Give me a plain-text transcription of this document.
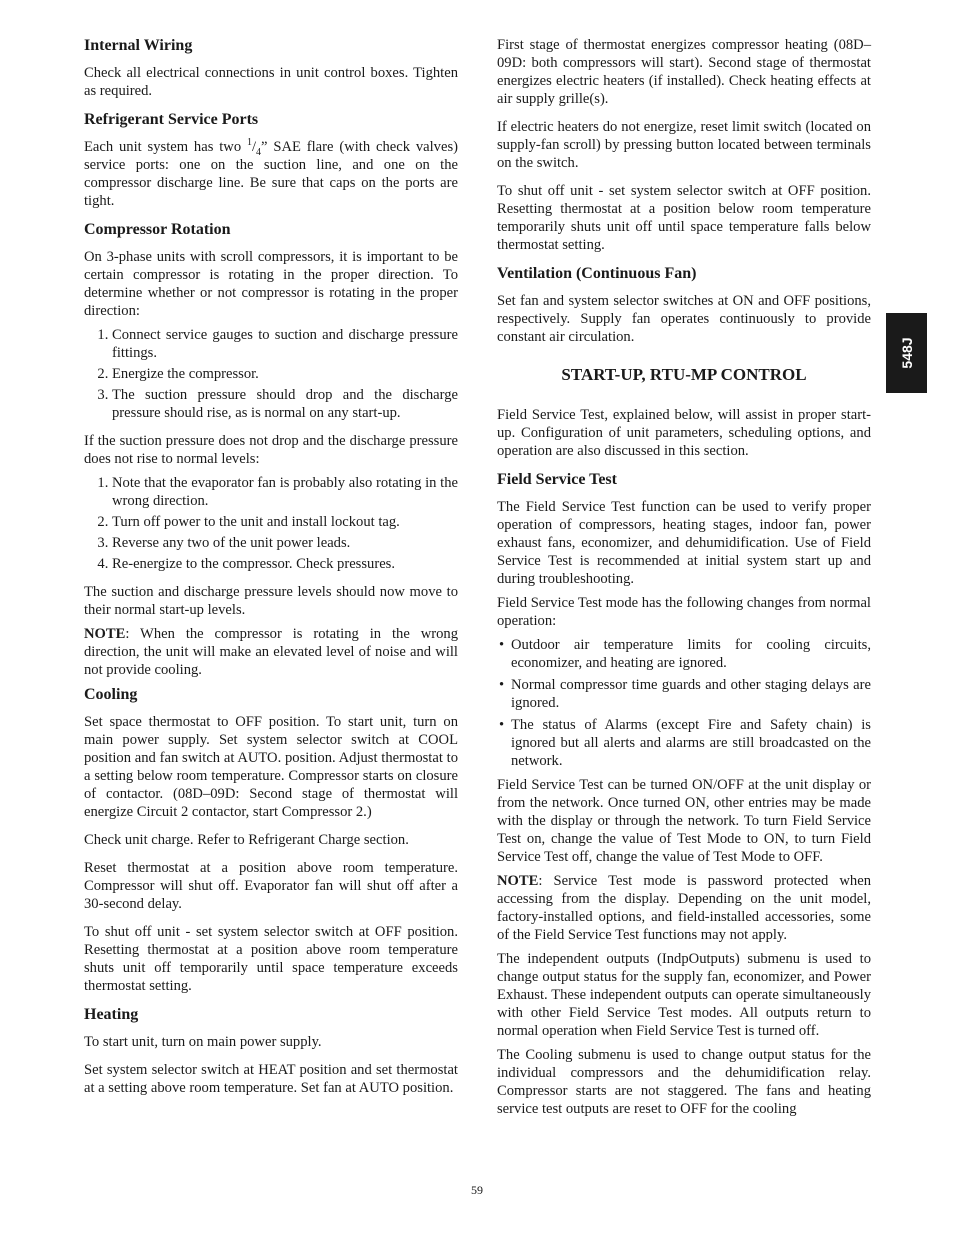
Internal Wiring

Check all electrical connections in unit control boxes. Tighten as required.

Refrigerant Service Ports

Each unit system has two $^1/_4$” SAE flare (with check valves) service ports: one on the suction line, and one on the compressor discharge line. Be sure that caps on the ports are tight.

Compressor Rotation

On 3-phase units with scroll compressors, it is important to be certain compressor is rotating in the proper direction. To determine whether or not compressor is rotating in the proper direction:

1. Connect service gauges to suction and discharge pressure fittings.
2. Energize the compressor.
3. The suction pressure should drop and the discharge pressure should rise, as is normal on any start-up.

If the suction pressure does not drop and the discharge pressure does not rise to normal levels:

1. Note that the evaporator fan is probably also rotating in the wrong direction.
2. Turn off power to the unit and install lockout tag.
3. Reverse any two of the unit power leads.
4. Re-energize to the compressor. Check pressures.

The suction and discharge pressure levels should now move to their normal start-up levels.

NOTE: When the compressor is rotating in the wrong direction, the unit will make an elevated level of noise and will not provide cooling.

Cooling

Set space thermostat to OFF position. To start unit, turn on main power supply. Set system selector switch at COOL position and fan switch at AUTO. position. Adjust thermostat to a setting below room temperature. Compressor starts on closure of contactor. (08D–09D: Second stage of thermostat will energize Circuit 2 contactor, start Compressor 2.)

Check unit charge. Refer to Refrigerant Charge section.

Reset thermostat at a position above room temperature. Compressor will shut off. Evaporator fan will shut off after a 30-second delay.

To shut off unit - set system selector switch at OFF position. Resetting thermostat at a position above room temperature shuts unit off temporarily until space temperature exceeds thermostat setting.

Heating

To start unit, turn on main power supply.

Set system selector switch at HEAT position and set thermostat at a setting above room temperature. Set fan at AUTO position.

First stage of thermostat energizes compressor heating (08D–09D: both compressors will start). Second stage of thermostat energizes electric heaters (if installed). Check heating effects at air supply grille(s).

If electric heaters do not energize, reset limit switch (located on supply-fan scroll) by pressing button located between terminals on the switch.

To shut off unit - set system selector switch at OFF position. Resetting thermostat at a position below room temperature temporarily shuts unit off until space temperature falls below thermostat setting.

Ventilation (Continuous Fan)

Set fan and system selector switches at ON and OFF positions, respectively. Supply fan operates continuously to provide constant air circulation.

START-UP, RTU-MP CONTROL

Field Service Test, explained below, will assist in proper start-up. Configuration of unit parameters, scheduling options, and operation are also discussed in this section.

Field Service Test

The Field Service Test function can be used to verify proper operation of compressors, heating stages, indoor fan, power exhaust fans, economizer, and dehumidification. Use of Field Service Test is recommended at initial system start up and during troubleshooting.

Field Service Test mode has the following changes from normal operation:

• Outdoor air temperature limits for cooling circuits, economizer, and heating are ignored.
• Normal compressor time guards and other staging delays are ignored.
• The status of Alarms (except Fire and Safety chain) is ignored but all alerts and alarms are still broadcasted on the network.

Field Service Test can be turned ON/OFF at the unit display or from the network. Once turned ON, other entries may be made with the display or through the network. To turn Field Service Test on, change the value of Test Mode to ON, to turn Field Service Test off, change the value of Test Mode to OFF.

NOTE: Service Test mode is password protected when accessing from the display. Depending on the unit model, factory-installed options, and field-installed accessories, some of the Field Service Test functions may not apply.

The independent outputs (IndpOutputs) submenu is used to change output status for the supply fan, economizer, and Power Exhaust. These independent outputs can operate simultaneously with other Field Service Test modes. All outputs return to normal operation when Field Service Test is turned off.

The Cooling submenu is used to change output status for the individual compressors and the dehumidification relay. Compressor starts are not staggered. The fans and heating service test outputs are reset to OFF for the cooling

548J
59
